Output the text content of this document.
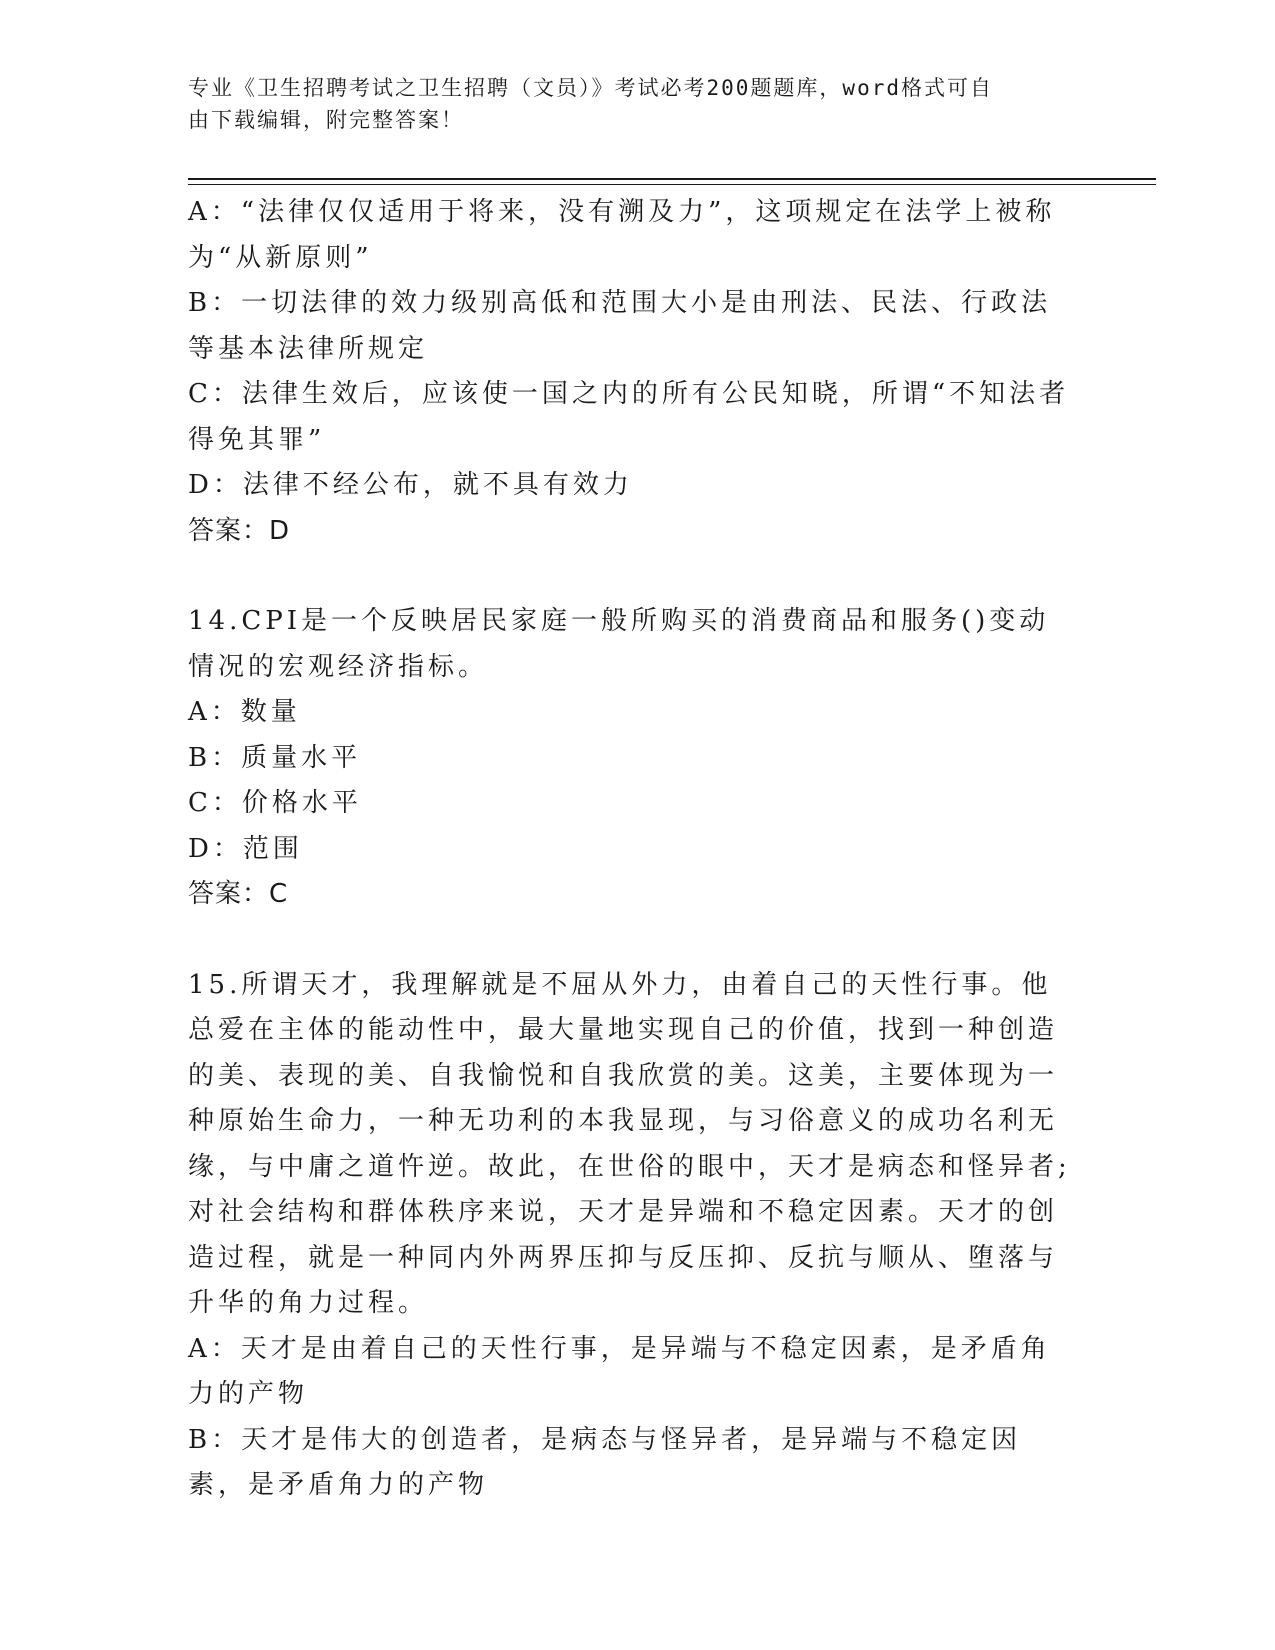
专业《卫生招聘考试之卫生招聘（文员）》考试必考200题题库，word格式可自
由下载编辑，附完整答案！
A：“法律仅仅适用于将来，没有溯及力”，这项规定在法学上被称为“从新原则”
B：一切法律的效力级别高低和范围大小是由刑法、民法、行政法等基本法律所规定
C：法律生效后，应该使一国之内的所有公民知晓，所谓“不知法者得免其罪”
D：法律不经公布，就不具有效力
答案：D
14.CPI是一个反映居民家庭一般所购买的消费商品和服务()变动情况的宏观经济指标。
A：数量
B：质量水平
C：价格水平
D：范围
答案：C
15.所谓天才，我理解就是不屈从外力，由着自己的天性行事。他总爱在主体的能动性中，最大量地实现自己的价值，找到一种创造的美、表现的美、自我愉悦和自我欣赏的美。这美，主要体现为一种原始生命力，一种无功利的本我显现，与习俗意义的成功名利无缘，与中庸之道忤逆。故此，在世俗的眼中，天才是病态和怪异者;对社会结构和群体秩序来说，天才是异端和不稳定因素。天才的创造过程，就是一种同内外两界压抑与反压抑、反抗与顺从、堕落与升华的角力过程。
A：天才是由着自己的天性行事，是异端与不稳定因素，是矛盾角力的产物
B：天才是伟大的创造者，是病态与怪异者，是异端与不稳定因素，是矛盾角力的产物
